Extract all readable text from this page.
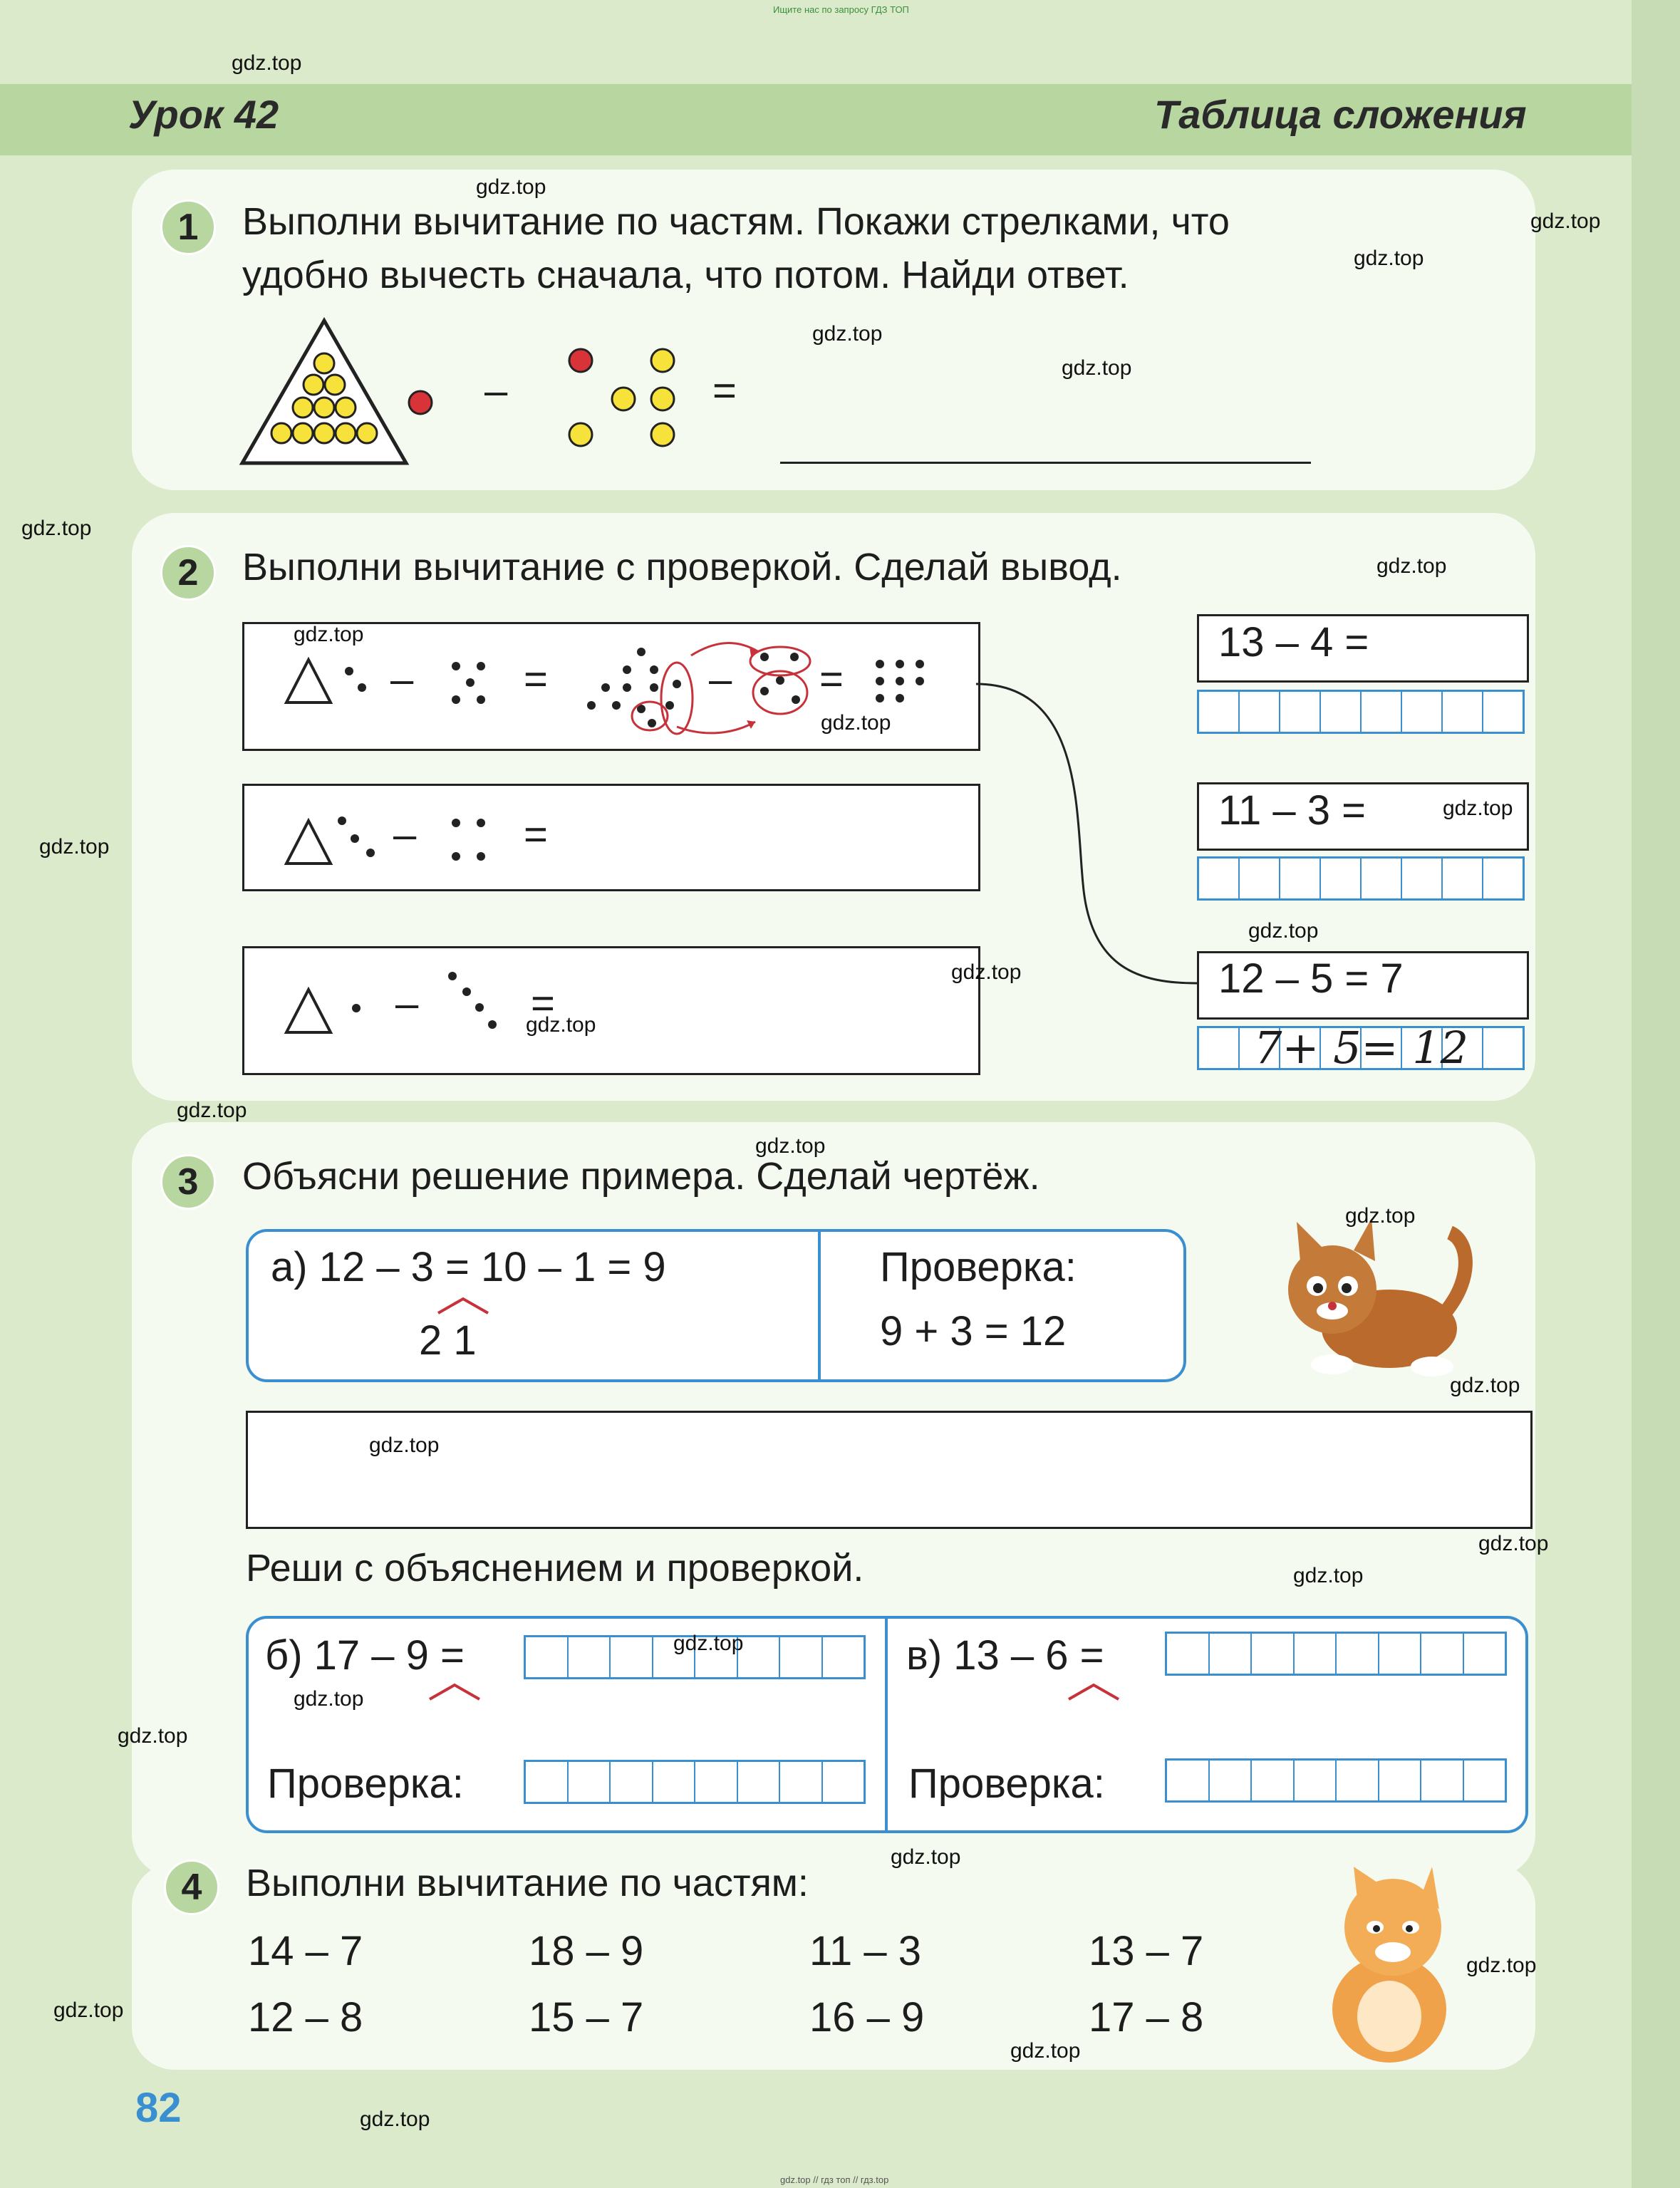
Ищите нас по запросу ГДЗ ТОП
Урок 42	Таблица сложения
1	Выполни вычитание по частям. Покажи стрелками, что
удобно вычесть сначала, что потом. Найди ответ.
–	=
2	Выполни вычитание с проверкой. Сделай вывод.
–	=	– =
–	=
–	=
13 – 4 =
11 – 3 =
12 – 5 = 7
7+ 5= 12
3	Объясни решение примера. Сделай чертёж.
а) 12 – 3 = 10 – 1 = 9
2 1
Проверка:
9 + 3 = 12
Реши с объяснением и проверкой.
б) 17 – 9 =	в) 13 – 6 =
Проверка:	Проверка:
4	Выполни вычитание по частям:
14 – 7	18 – 9	11 – 3	13 – 7
12 – 8	15 – 7	16 – 9	17 – 8
82
gdz.top // гдз топ // гдз.top
gdz.top
gdz.top
gdz.top
gdz.top
gdz.top
gdz.top
gdz.top
gdz.top
gdz.top
gdz.top
gdz.top
gdz.top
gdz.top
gdz.top
gdz.top
gdz.top
gdz.top
gdz.top
gdz.top
gdz.top
gdz.top
gdz.top
gdz.top
gdz.top
gdz.top
gdz.top
gdz.top
gdz.top
gdz.top
gdz.top
